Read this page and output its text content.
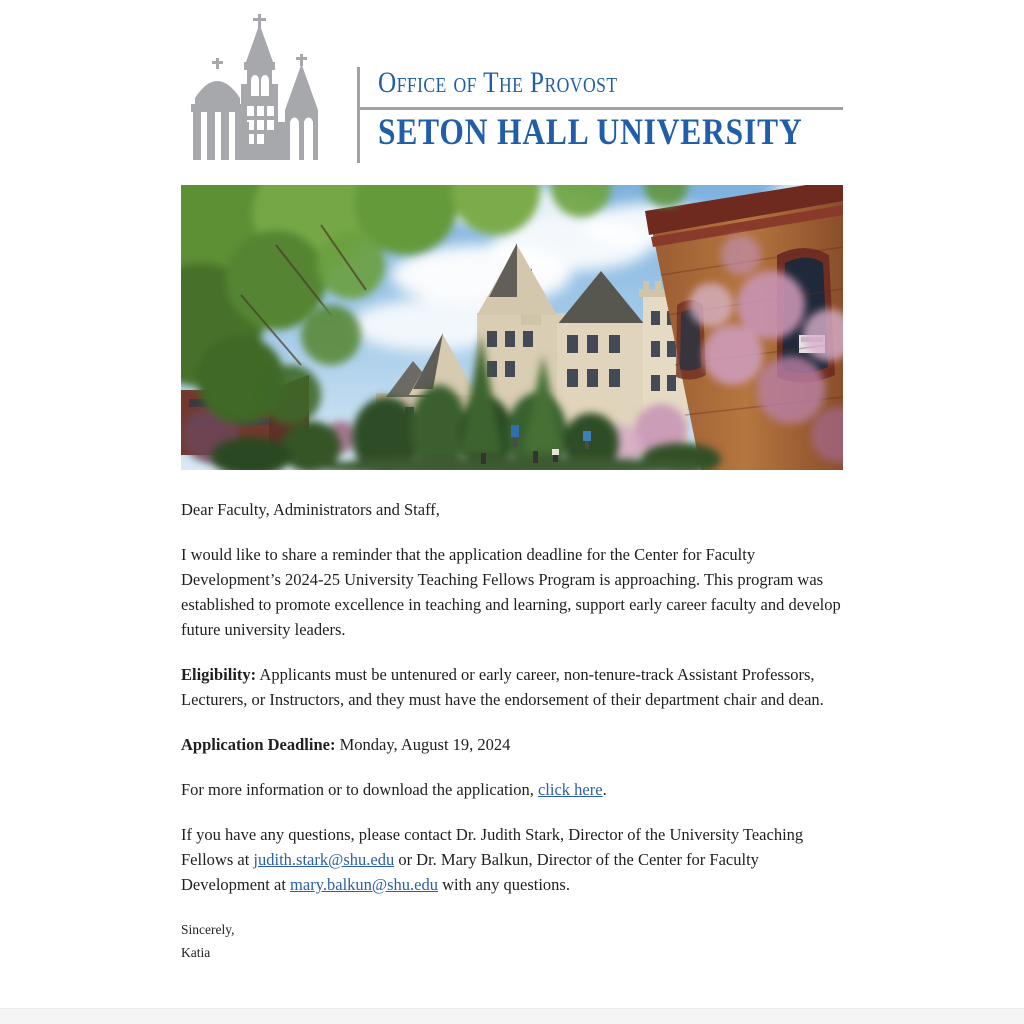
Office of The Provost
SETON HALL UNIVERSITY

Dear Faculty, Administrators and Staff,

I would like to share a reminder that the application deadline for the Center for Faculty Development’s 2024-25 University Teaching Fellows Program is approaching. This program was established to promote excellence in teaching and learning, support early career faculty and develop future university leaders.

Eligibility: Applicants must be untenured or early career, non-tenure-track Assistant Professors, Lecturers, or Instructors, and they must have the endorsement of their department chair and dean.

Application Deadline: Monday, August 19, 2024

For more information or to download the application, click here.

If you have any questions, please contact Dr. Judith Stark, Director of the University Teaching Fellows at judith.stark@shu.edu or Dr. Mary Balkun, Director of the Center for Faculty Development at mary.balkun@shu.edu with any questions.

Sincerely,
Katia
